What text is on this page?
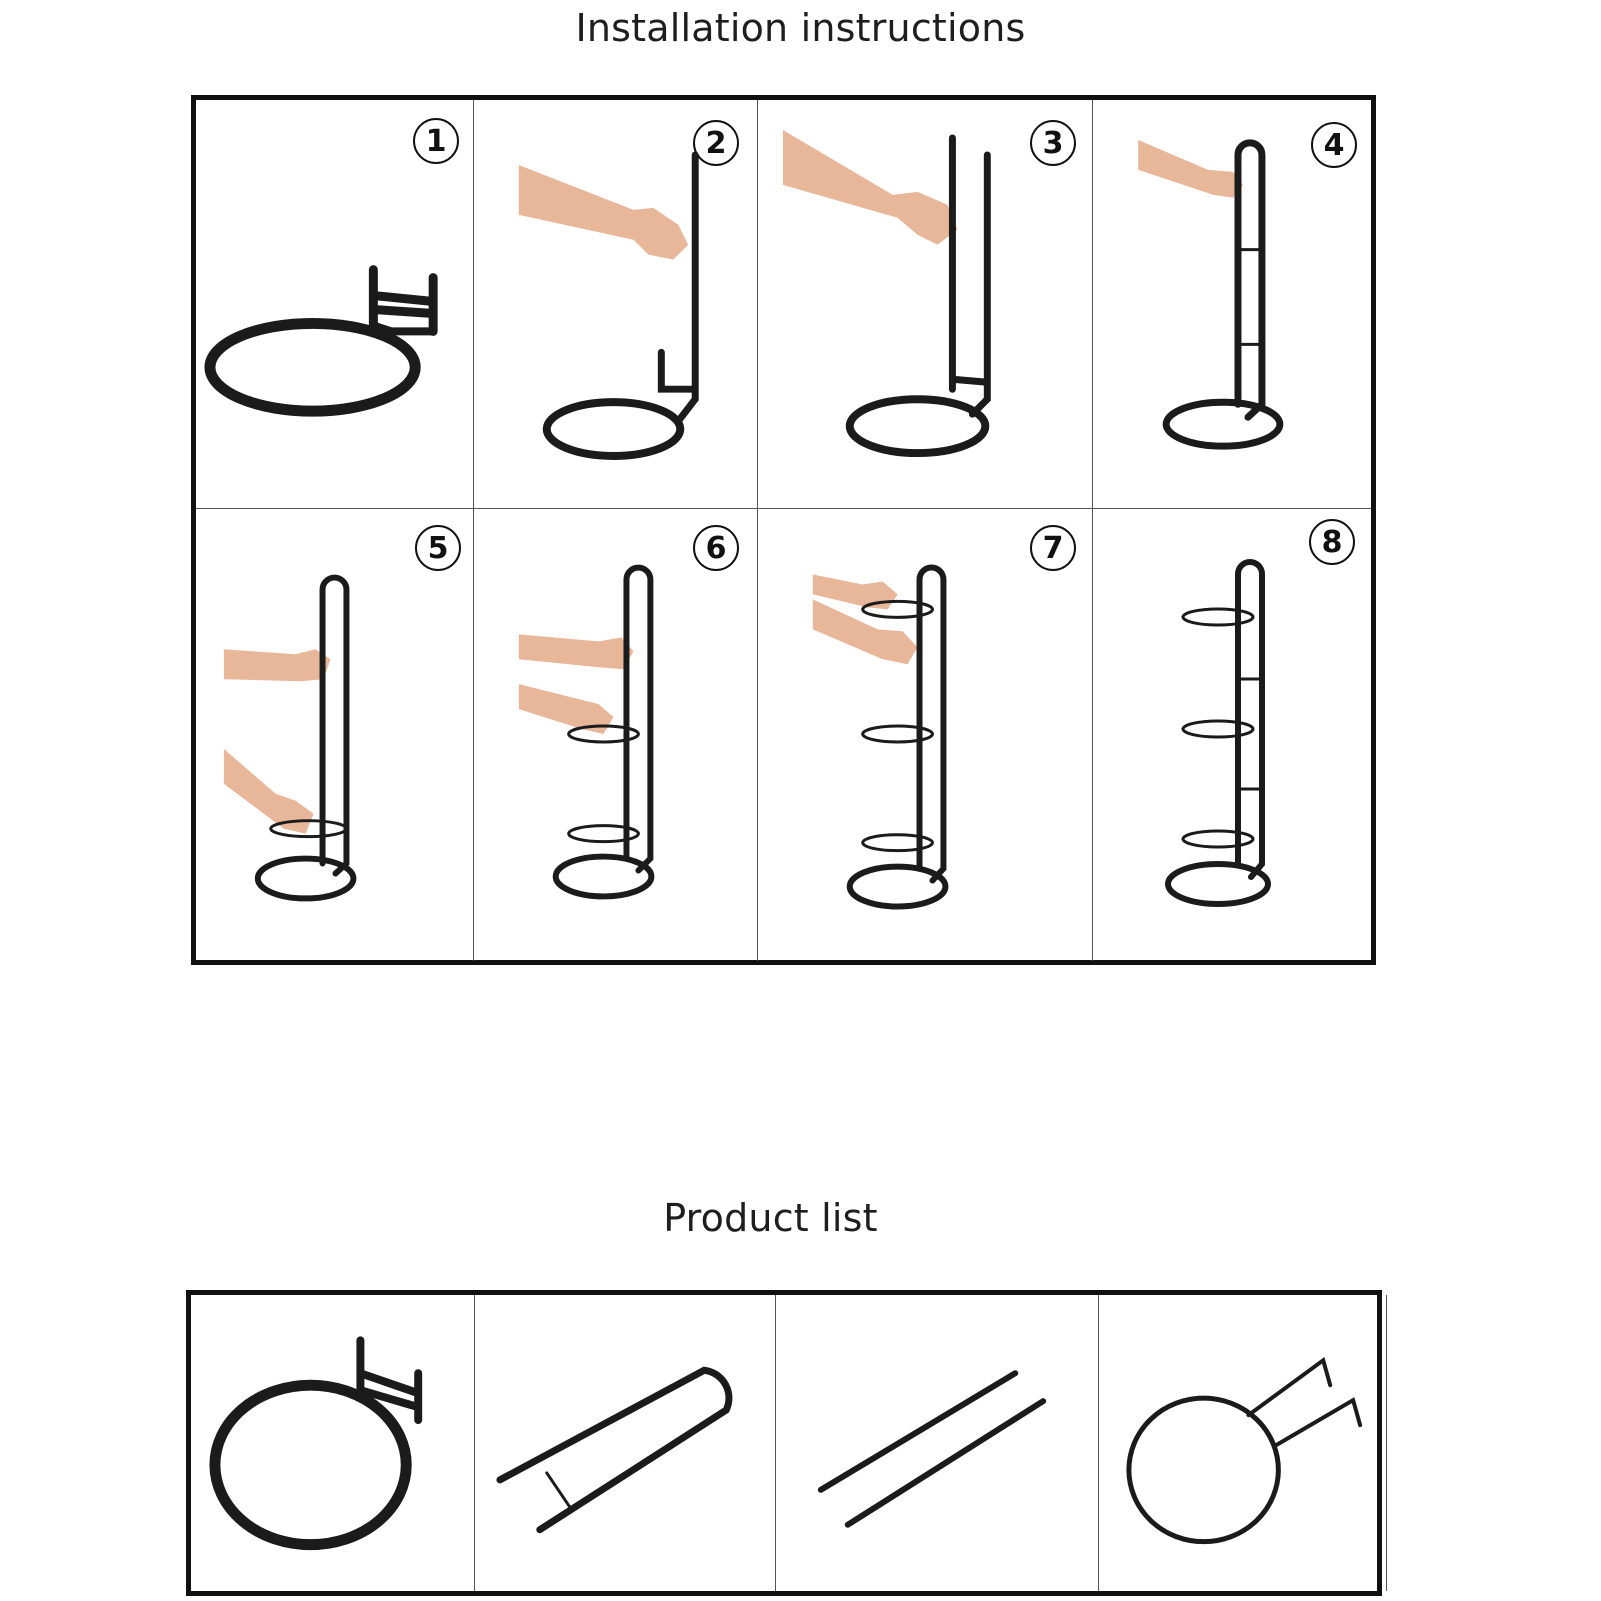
Installation instructions
1	2	3	4
5	6	7	8
Product list
